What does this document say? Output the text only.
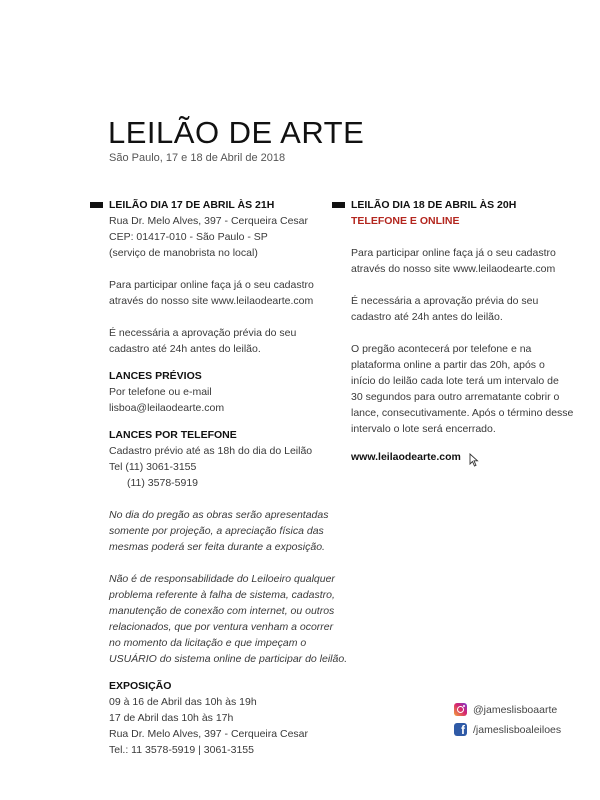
LEILÃO DE ARTE
São Paulo, 17 e 18 de Abril de 2018
LEILÃO DIA 17 DE ABRIL ÀS 21H
Rua Dr. Melo Alves, 397 - Cerqueira Cesar
CEP: 01417-010 - São Paulo - SP
(serviço de manobrista no local)
Para participar online faça já o seu cadastro
através do nosso site www.leilaodearte.com
É necessária a aprovação prévia do seu
cadastro até 24h antes do leilão.
LANCES PRÉVIOS
Por telefone ou e-mail
lisboa@leilaodearte.com
LANCES POR TELEFONE
Cadastro prévio até as 18h do dia do Leilão
Tel (11) 3061-3155
(11) 3578-5919
No dia do pregão as obras serão apresentadas
somente por projeção, a apreciação física das
mesmas poderá ser feita durante a exposição.
Não é de responsabilidade do Leiloeiro qualquer
problema referente à falha de sistema, cadastro,
manutenção de conexão com internet, ou outros
relacionados, que por ventura venham a ocorrer
no momento da licitação e que impeçam o
USUÁRIO do sistema online de participar do leilão.
EXPOSIÇÃO
09 à 16 de Abril das 10h às 19h
17 de Abril das 10h às 17h
Rua Dr. Melo Alves, 397 - Cerqueira Cesar
Tel.: 11 3578-5919 | 3061-3155
LEILÃO DIA 18 DE ABRIL ÀS 20H
TELEFONE E ONLINE
Para participar online faça já o seu cadastro
através do nosso site www.leilaodearte.com
É necessária a aprovação prévia do seu
cadastro até 24h antes do leilão.
O pregão acontecerá por telefone e na
plataforma online a partir das 20h, após o
início do leilão cada lote terá um intervalo de
30 segundos para outro arrematante cobrir o
lance, consecutivamente. Após o término desse
intervalo o lote será encerrado.
www.leilaodearte.com
@jameslisboaarte
f /jameslisboaleiloes
